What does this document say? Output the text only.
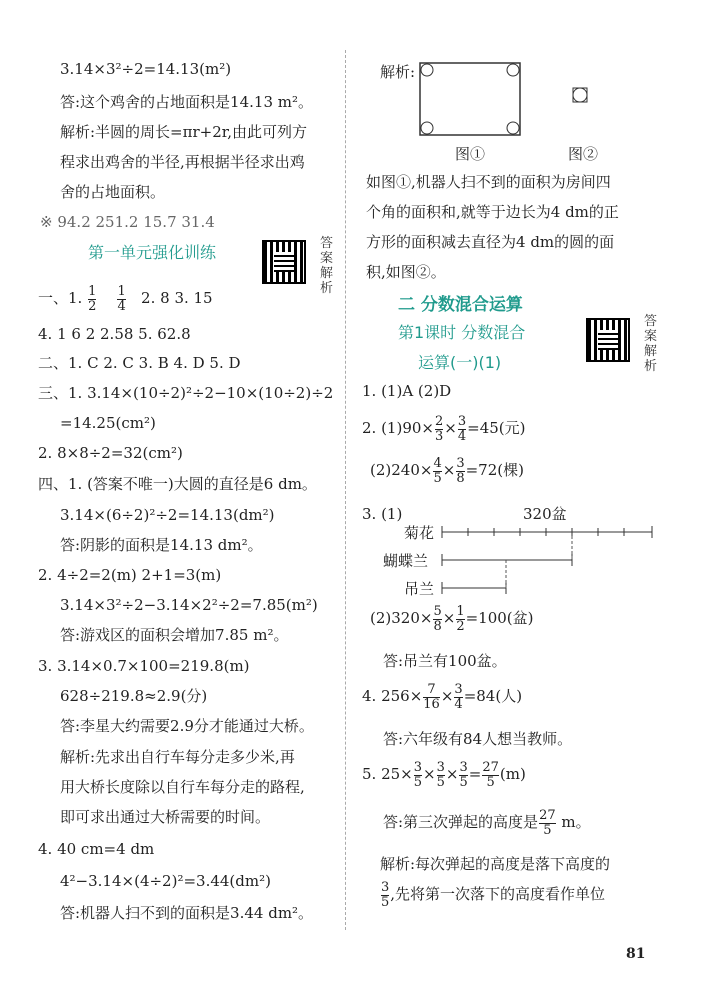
3.14×3²÷2=14.13(m²)
答:这个鸡舍的占地面积是14.13 m²。
解析:半圆的周长=πr+2r,由此可列方
程求出鸡舍的半径,再根据半径求出鸡
舍的占地面积。
※ 94.2 251.2 15.7 31.4
第一单元强化训练	答案解析
一、1. $\frac{1}{2}$
$\frac{1}{4} 2$. 8 3. 15
4. 1 6 2 2.58 5. 62.8
二、1. C 2. C 3. B 4. D 5. D
三、1. 3.14×(10÷2)²÷2−10×(10÷2)÷2
=14.25(cm²)
2. 8×8÷2=32(cm²)
四、1. (答案不唯一)大圆的直径是6 dm。
3.14×(6÷2)²÷2=14.13(dm²)
答:阴影的面积是14.13 dm²。
2. 4÷2=2(m) 2+1=3(m)
3.14×3²÷2−3.14×2²÷2=7.85(m²)
答:游戏区的面积会增加7.85 m²。
3. 3.14×0.7×100=219.8(m)
628÷219.8≈2.9(分)
答:李星大约需要2.9分才能通过大桥。
解析:先求出自行车每分走多少米,再
用大桥长度除以自行车每分走的路程,
即可求出通过大桥需要的时间。
4. 40 cm=4 dm
4²−3.14×(4÷2)²=3.44(dm²)
答:机器人扫不到的面积是3.44 dm²。
解析:
图①	图②
如图①,机器人扫不到的面积为房间四
个角的面积和,就等于边长为4 dm的正
方形的面积减去直径为4 dm的圆的面
积,如图②。
二 分数混合运算
第1课时 分数混合
运算(一)(1)
答案解析
1. (1)A (2)D
2. $(1)90\times \frac{2}{3} \times \frac{3}{4} =45$(元)
$(2)240\times \frac{4}{5} \times \frac{3}{8} =72$(棵)
3. (1)	320盆
菊花
蝴蝶兰
吊兰
$(2)320\times \frac{5}{8} \times \frac{1}{2} =100$(盆)
答:吊兰有100盆。
4. $256\times \frac{7}{16} \times \frac{3}{4} =84$(人)
答:六年级有84人想当教师。
5. $25\times \frac{3}{5} \times \frac{3}{5} \times \frac{3}{5} = \frac{27}{5} (m)$
答:第三次弹起的高度是 $\frac{27}{5}$ m。
解析:每次弹起的高度是落下高度的
$\frac{3}{5}$ ,先将第一次落下的高度看作单位
81
